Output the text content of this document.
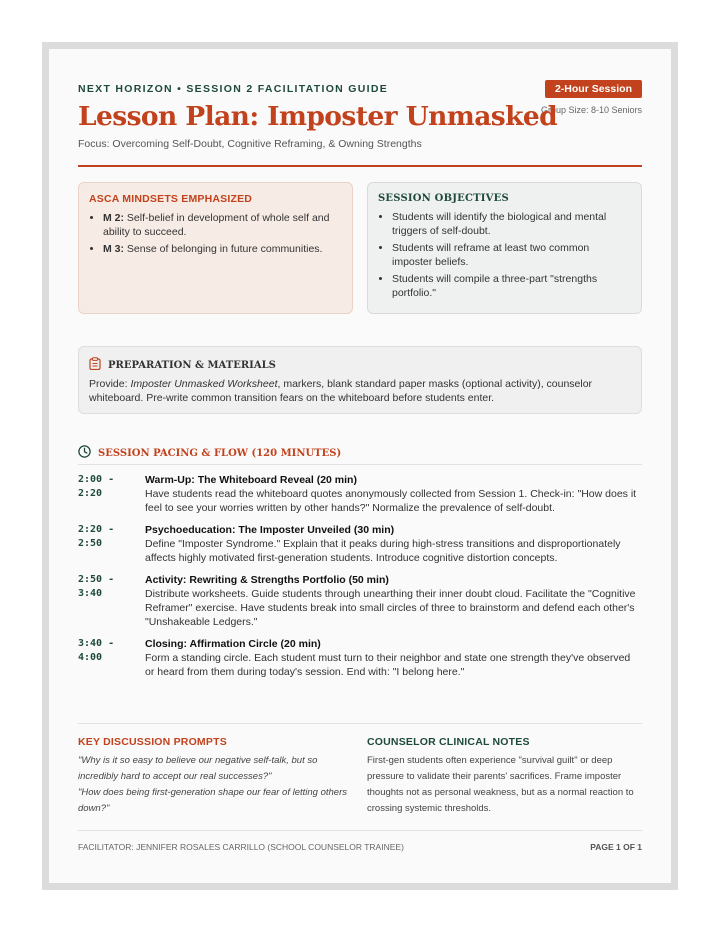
NEXT HORIZON • SESSION 2 FACILITATION GUIDE	2-Hour Session
Group Size: 8-10 Seniors
Lesson Plan: Imposter Unmasked
Focus: Overcoming Self-Doubt, Cognitive Reframing, & Owning Strengths
ASCA MINDSETS EMPHASIZED
• M 2: Self-belief in development of whole self and ability to succeed.
• M 3: Sense of belonging in future communities.
SESSION OBJECTIVES
• Students will identify the biological and mental triggers of self-doubt.
• Students will reframe at least two common imposter beliefs.
• Students will compile a three-part "strengths portfolio."
PREPARATION & MATERIALS
Provide: Imposter Unmasked Worksheet, markers, blank standard paper masks (optional activity), counselor whiteboard. Pre-write common transition fears on the whiteboard before students enter.
SESSION PACING & FLOW (120 MINUTES)
2:00 -
2:20
Warm-Up: The Whiteboard Reveal (20 min)
Have students read the whiteboard quotes anonymously collected from Session 1. Check-in: "How does it feel to see your worries written by other hands?" Normalize the prevalence of self-doubt.
2:20 -
2:50
Psychoeducation: The Imposter Unveiled (30 min)
Define "Imposter Syndrome." Explain that it peaks during high-stress transitions and disproportionately affects highly motivated first-generation students. Introduce cognitive distortion concepts.
2:50 -
3:40
Activity: Rewriting & Strengths Portfolio (50 min)
Distribute worksheets. Guide students through unearthing their inner doubt cloud. Facilitate the "Cognitive Reframer" exercise. Have students break into small circles of three to brainstorm and defend each other's "Unshakeable Ledgers."
3:40 -
4:00
Closing: Affirmation Circle (20 min)
Form a standing circle. Each student must turn to their neighbor and state one strength they've observed or heard from them during today's session. End with: "I belong here."
KEY DISCUSSION PROMPTS
"Why is it so easy to believe our negative self-talk, but so incredibly hard to accept our real successes?"
"How does being first-generation shape our fear of letting others down?"
COUNSELOR CLINICAL NOTES
First-gen students often experience "survival guilt" or deep pressure to validate their parents' sacrifices. Frame imposter thoughts not as personal weakness, but as a normal reaction to crossing systemic thresholds.
FACILITATOR: JENNIFER ROSALES CARRILLO (SCHOOL COUNSELOR TRAINEE)	PAGE 1 OF 1
